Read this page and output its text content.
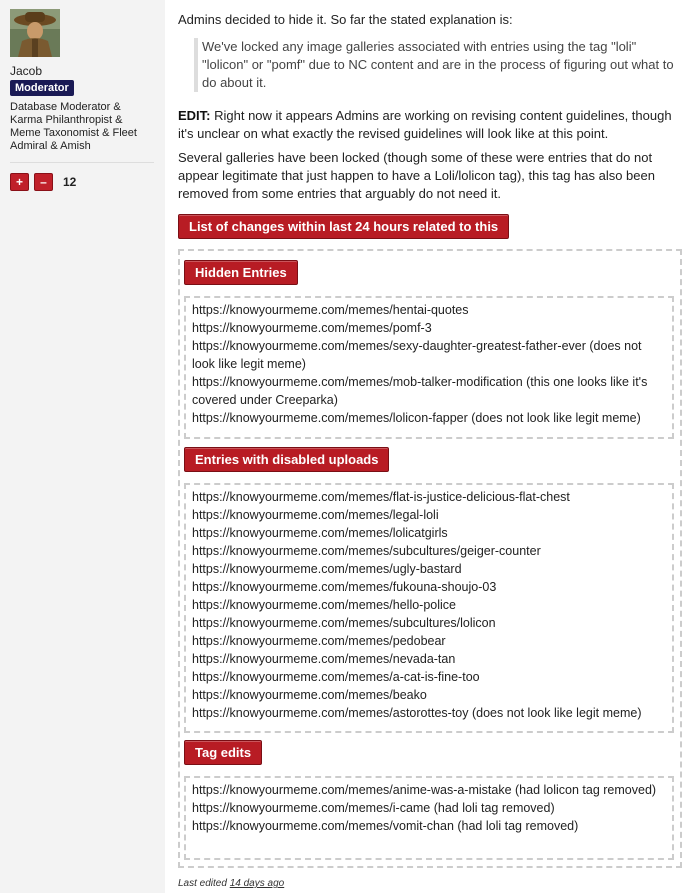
Jacob
Moderator
Database Moderator & Karma Philanthropist & Meme Taxonomist & Fleet Admiral & Amish
+	–	12
Admins decided to hide it. So far the stated explanation is:
We've locked any image galleries associated with entries using the tag "loli" "lolicon" or "pomf" due to NC content and are in the process of figuring out what to do about it.
EDIT: Right now it appears Admins are working on revising content guidelines, though it's unclear on what exactly the revised guidelines will look like at this point.
Several galleries have been locked (though some of these were entries that do not appear legitimate that just happen to have a Loli/lolicon tag), this tag has also been removed from some entries that arguably do not need it.
List of changes within last 24 hours related to this
Hidden Entries
https://knowyourmeme.com/memes/hentai-quotes
https://knowyourmeme.com/memes/pomf-3
https://knowyourmeme.com/memes/sexy-daughter-greatest-father-ever (does not look like legit meme)
https://knowyourmeme.com/memes/mob-talker-modification (this one looks like it's covered under Creeparka)
https://knowyourmeme.com/memes/lolicon-fapper (does not look like legit meme)
Entries with disabled uploads
https://knowyourmeme.com/memes/flat-is-justice-delicious-flat-chest
https://knowyourmeme.com/memes/legal-loli
https://knowyourmeme.com/memes/lolicatgirls
https://knowyourmeme.com/memes/subcultures/geiger-counter
https://knowyourmeme.com/memes/ugly-bastard
https://knowyourmeme.com/memes/fukouna-shoujo-03
https://knowyourmeme.com/memes/hello-police
https://knowyourmeme.com/memes/subcultures/lolicon
https://knowyourmeme.com/memes/pedobear
https://knowyourmeme.com/memes/nevada-tan
https://knowyourmeme.com/memes/a-cat-is-fine-too
https://knowyourmeme.com/memes/beako
https://knowyourmeme.com/memes/astorottes-toy (does not look like legit meme)
Tag edits
https://knowyourmeme.com/memes/anime-was-a-mistake (had lolicon tag removed)
https://knowyourmeme.com/memes/i-came (had loli tag removed)
https://knowyourmeme.com/memes/vomit-chan (had loli tag removed)
Last edited 14 days ago
